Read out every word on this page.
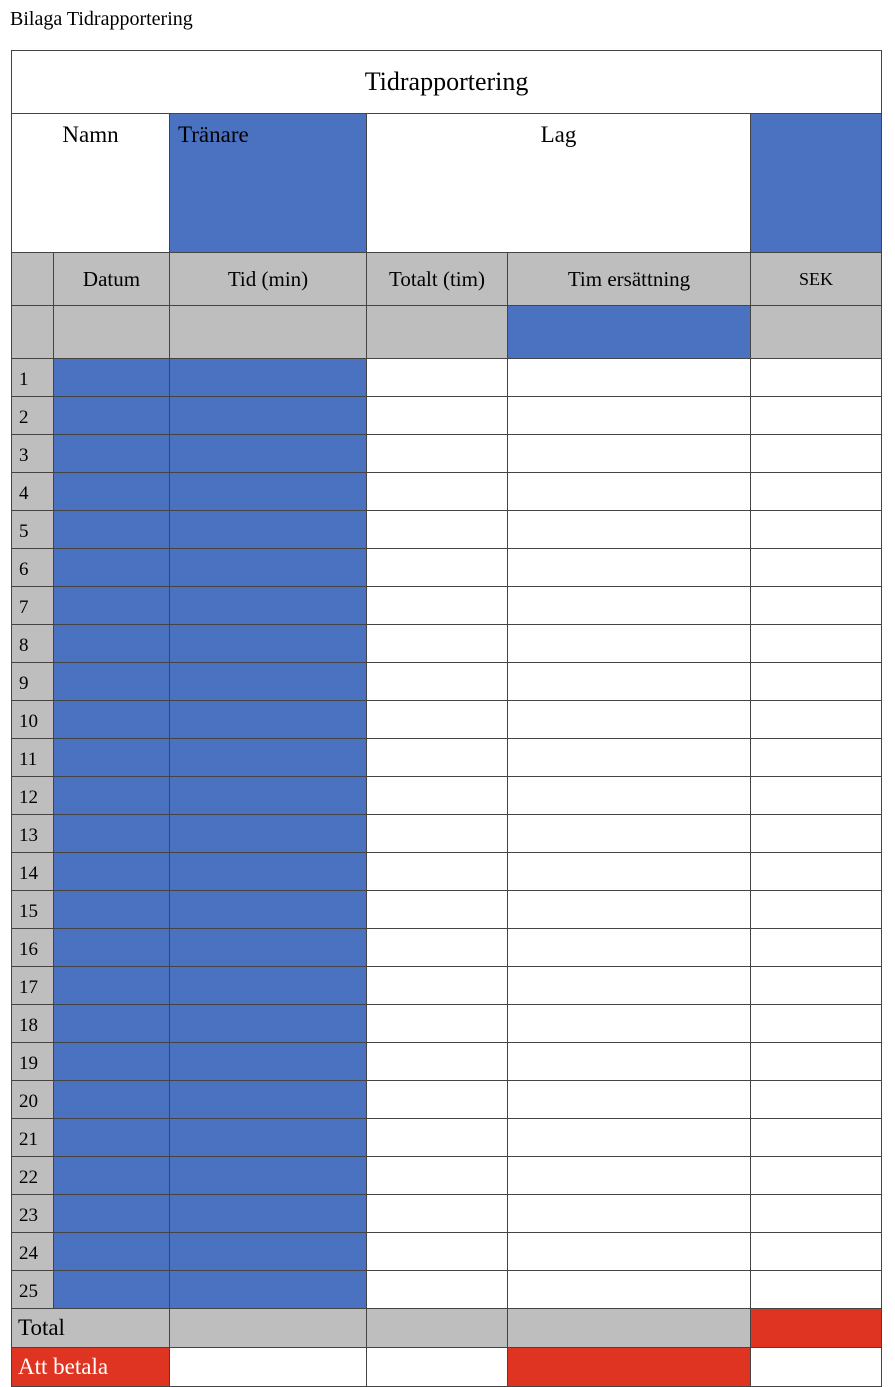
Bilaga Tidrapportering
Tidrapportering					
Namn		Tränare	Lag		
	Datum	Tid (min)	Totalt (tim)	Tim ersättning	SEK

1					
2					
3					
4					
5					
6					
7					
8					
9					
10					
11					
12					
13					
14					
15					
16					
17					
18					
19					
20					
21					
22					
23					
24					
25					
Total					
Att betala					
